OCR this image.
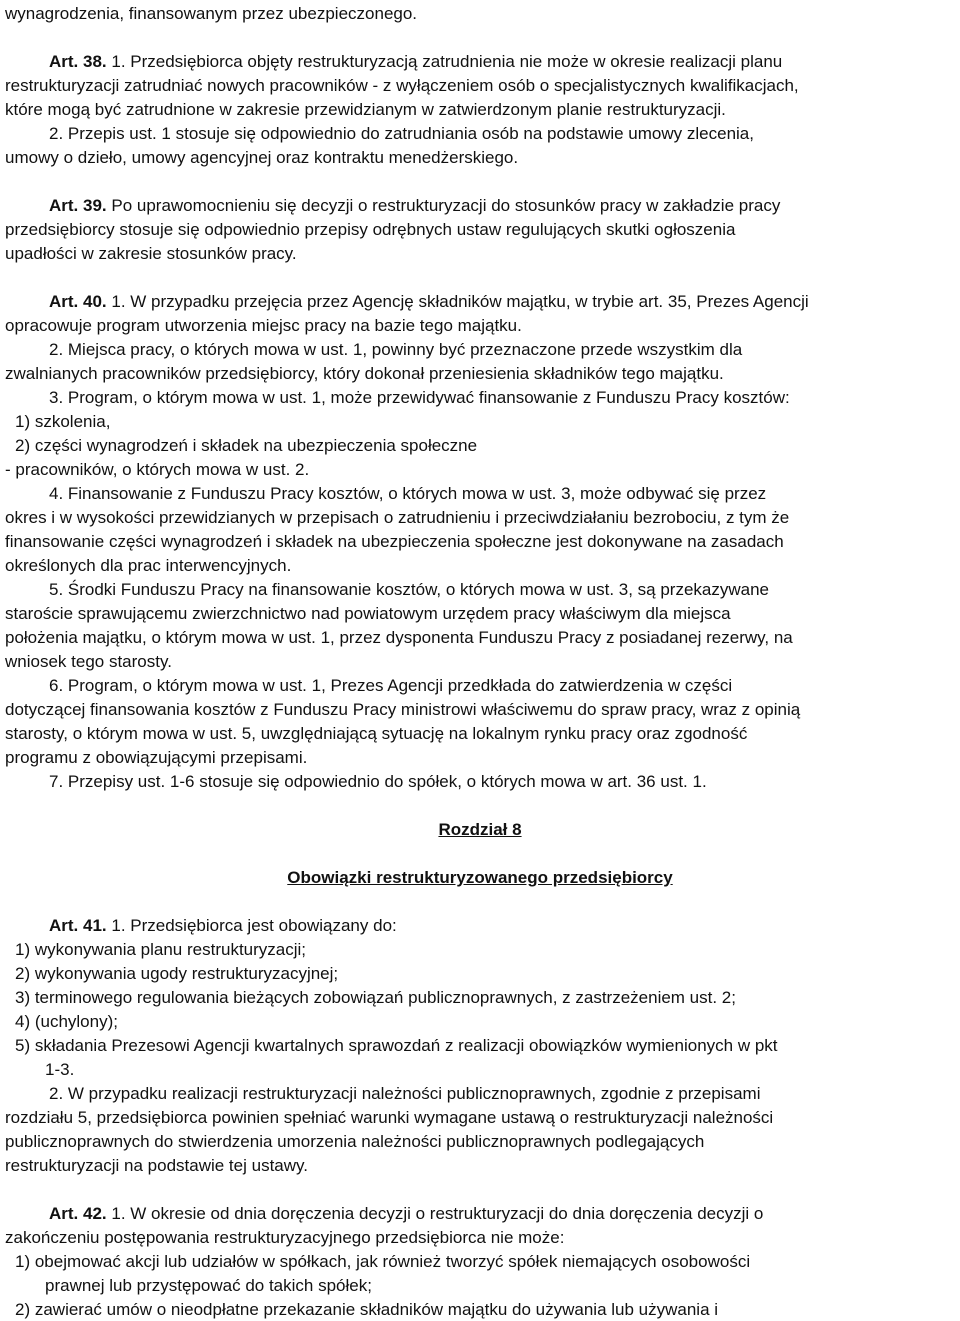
wynagrodzenia, finansowanym przez ubezpieczonego.
Art. 38. 1. Przedsiębiorca objęty restrukturyzacją zatrudnienia nie może w okresie realizacji planu
restrukturyzacji zatrudniać nowych pracowników - z wyłączeniem osób o specjalistycznych kwalifikacjach,
które mogą być zatrudnione w zakresie przewidzianym w zatwierdzonym planie restrukturyzacji.
2. Przepis ust. 1 stosuje się odpowiednio do zatrudniania osób na podstawie umowy zlecenia,
umowy o dzieło, umowy agencyjnej oraz kontraktu menedżerskiego.
Art. 39. Po uprawomocnieniu się decyzji o restrukturyzacji do stosunków pracy w zakładzie pracy
przedsiębiorcy stosuje się odpowiednio przepisy odrębnych ustaw regulujących skutki ogłoszenia
upadłości w zakresie stosunków pracy.
Art. 40. 1. W przypadku przejęcia przez Agencję składników majątku, w trybie art. 35, Prezes Agencji
opracowuje program utworzenia miejsc pracy na bazie tego majątku.
2. Miejsca pracy, o których mowa w ust. 1, powinny być przeznaczone przede wszystkim dla
zwalnianych pracowników przedsiębiorcy, który dokonał przeniesienia składników tego majątku.
3. Program, o którym mowa w ust. 1, może przewidywać finansowanie z Funduszu Pracy kosztów:
1) szkolenia,
2) części wynagrodzeń i składek na ubezpieczenia społeczne
- pracowników, o których mowa w ust. 2.
4. Finansowanie z Funduszu Pracy kosztów, o których mowa w ust. 3, może odbywać się przez
okres i w wysokości przewidzianych w przepisach o zatrudnieniu i przeciwdziałaniu bezrobociu, z tym że
finansowanie części wynagrodzeń i składek na ubezpieczenia społeczne jest dokonywane na zasadach
określonych dla prac interwencyjnych.
5. Środki Funduszu Pracy na finansowanie kosztów, o których mowa w ust. 3, są przekazywane
staroście sprawującemu zwierzchnictwo nad powiatowym urzędem pracy właściwym dla miejsca
położenia majątku, o którym mowa w ust. 1, przez dysponenta Funduszu Pracy z posiadanej rezerwy, na
wniosek tego starosty.
6. Program, o którym mowa w ust. 1, Prezes Agencji przedkłada do zatwierdzenia w części
dotyczącej finansowania kosztów z Funduszu Pracy ministrowi właściwemu do spraw pracy, wraz z opinią
starosty, o którym mowa w ust. 5, uwzględniającą sytuację na lokalnym rynku pracy oraz zgodność
programu z obowiązującymi przepisami.
7. Przepisy ust. 1-6 stosuje się odpowiednio do spółek, o których mowa w art. 36 ust. 1.
Rozdział 8
Obowiązki restrukturyzowanego przedsiębiorcy
Art. 41. 1. Przedsiębiorca jest obowiązany do:
1) wykonywania planu restrukturyzacji;
2) wykonywania ugody restrukturyzacyjnej;
3) terminowego regulowania bieżących zobowiązań publicznoprawnych, z zastrzeżeniem ust. 2;
4) (uchylony);
5) składania Prezesowi Agencji kwartalnych sprawozdań z realizacji obowiązków wymienionych w pkt
1-3.
2. W przypadku realizacji restrukturyzacji należności publicznoprawnych, zgodnie z przepisami
rozdziału 5, przedsiębiorca powinien spełniać warunki wymagane ustawą o restrukturyzacji należności
publicznoprawnych do stwierdzenia umorzenia należności publicznoprawnych podlegających
restrukturyzacji na podstawie tej ustawy.
Art. 42. 1. W okresie od dnia doręczenia decyzji o restrukturyzacji do dnia doręczenia decyzji o
zakończeniu postępowania restrukturyzacyjnego przedsiębiorca nie może:
1) obejmować akcji lub udziałów w spółkach, jak również tworzyć spółek niemających osobowości
prawnej lub przystępować do takich spółek;
2) zawierać umów o nieodpłatne przekazanie składników majątku do używania lub używania i
